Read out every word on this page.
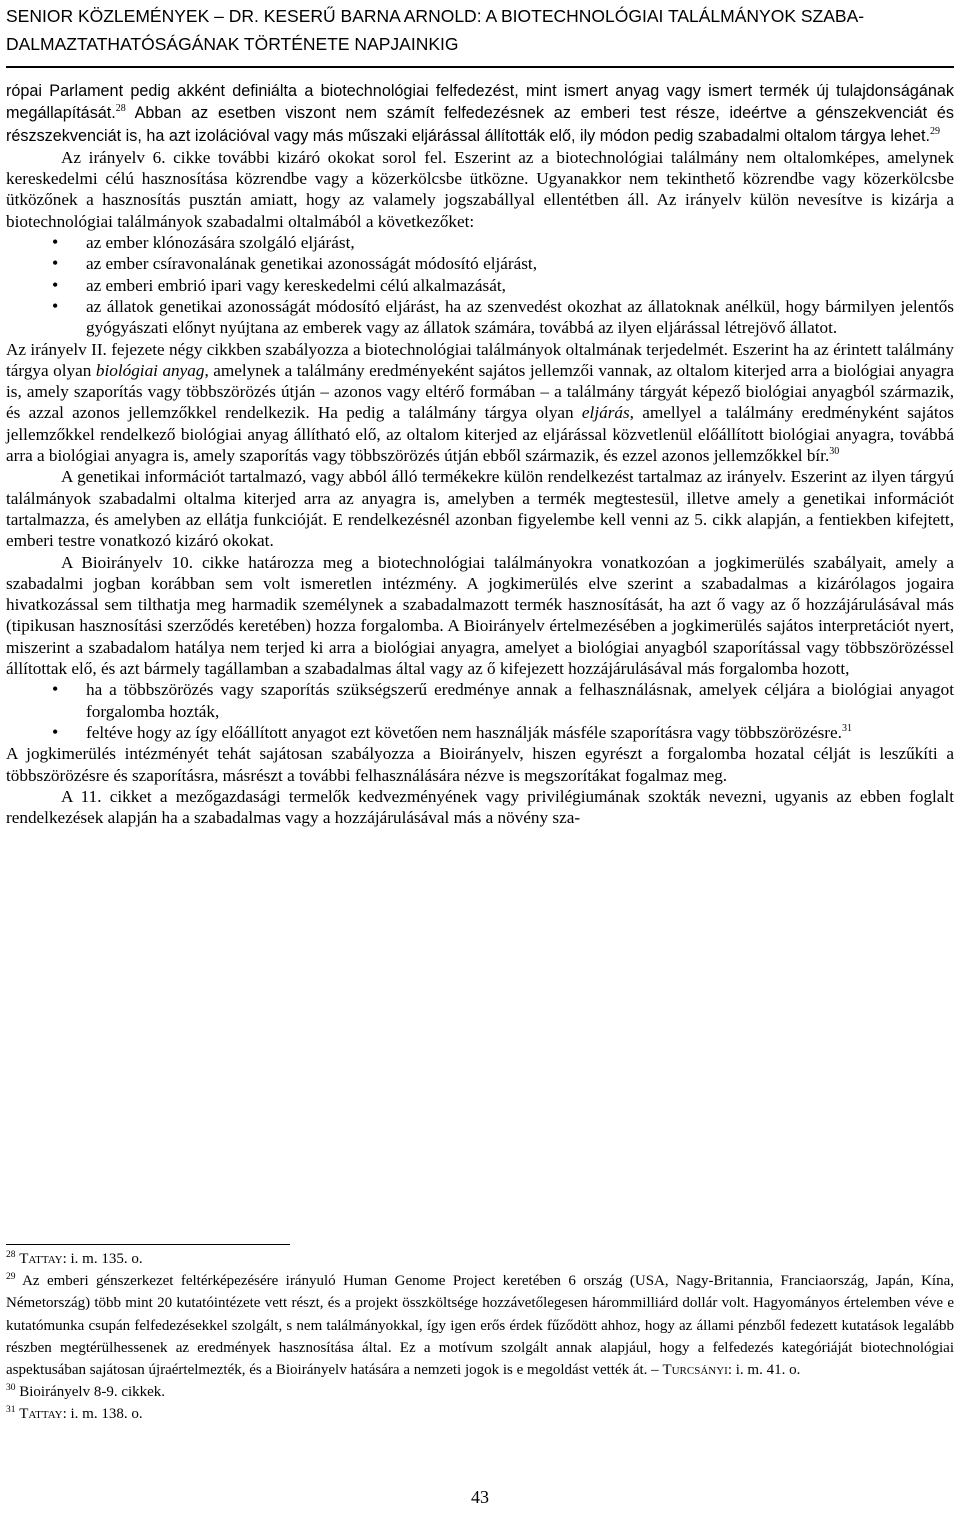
SENIOR KÖZLEMÉNYEK – DR. KESERŰ BARNA ARNOLD: A BIOTECHNOLÓGIAI TALÁLMÁNYOK SZABA-
DALMAZTATHATÓSÁGÁNAK TÖRTÉNETE NAPJAINKIG

rópai Parlament pedig akként definiálta a biotechnológiai felfedezést, mint ismert anyag vagy ismert termék új tulajdonságának megállapítását.$^{28}$ Abban az esetben viszont nem számít felfedezésnek az emberi test része, ideértve a génszekvenciát és részszekvenciát is, ha azt izolációval vagy más műszaki eljárással állították elő, ily módon pedig szabadalmi oltalom tárgya lehet.$^{29}$

Az irányelv 6. cikke további kizáró okokat sorol fel. Eszerint az a biotechnológiai találmány nem oltalomképes, amelynek kereskedelmi célú hasznosítása közrendbe vagy a közerkölcsbe ütközne. Ugyanakkor nem tekinthető közrendbe vagy közerkölcsbe ütközőnek a hasznosítás pusztán amiatt, hogy az valamely jogszabállyal ellentétben áll. Az irányelv külön nevesítve is kizárja a biotechnológiai találmányok szabadalmi oltalmából a következőket:

• az ember klónozására szolgáló eljárást,
• az ember csíravonalának genetikai azonosságát módosító eljárást,
• az emberi embrió ipari vagy kereskedelmi célú alkalmazását,
• az állatok genetikai azonosságát módosító eljárást, ha az szenvedést okozhat az állatoknak anélkül, hogy bármilyen jelentős gyógyászati előnyt nyújtana az emberek vagy az állatok számára, továbbá az ilyen eljárással létrejövő állatot.

Az irányelv II. fejezete négy cikkben szabályozza a biotechnológiai találmányok oltalmának terjedelmét. Eszerint ha az érintett találmány tárgya olyan biológiai anyag, amelynek a találmány eredményeként sajátos jellemzői vannak, az oltalom kiterjed arra a biológiai anyagra is, amely szaporítás vagy többszörözés útján – azonos vagy eltérő formában – a találmány tárgyát képező biológiai anyagból származik, és azzal azonos jellemzőkkel rendelkezik. Ha pedig a találmány tárgya olyan eljárás, amellyel a találmány eredményként sajátos jellemzőkkel rendelkező biológiai anyag állítható elő, az oltalom kiterjed az eljárással közvetlenül előállított biológiai anyagra, továbbá arra a biológiai anyagra is, amely szaporítás vagy többszörözés útján ebből származik, és ezzel azonos jellemzőkkel bír.$^{30}$

A genetikai információt tartalmazó, vagy abból álló termékekre külön rendelkezést tartalmaz az irányelv. Eszerint az ilyen tárgyú találmányok szabadalmi oltalma kiterjed arra az anyagra is, amelyben a termék megtestesül, illetve amely a genetikai információt tartalmazza, és amelyben az ellátja funkcióját. E rendelkezésnél azonban figyelembe kell venni az 5. cikk alapján, a fentiekben kifejtett, emberi testre vonatkozó kizáró okokat.

A Bioirányelv 10. cikke határozza meg a biotechnológiai találmányokra vonatkozóan a jogkimerülés szabályait, amely a szabadalmi jogban korábban sem volt ismeretlen intézmény. A jogkimerülés elve szerint a szabadalmas a kizárólagos jogaira hivatkozással sem tilthatja meg harmadik személynek a szabadalmazott termék hasznosítását, ha azt ő vagy az ő hozzájárulásával más (tipikusan hasznosítási szerződés keretében) hozza forgalomba. A Bioirányelv értelmezésében a jogkimerülés sajátos interpretációt nyert, miszerint a szabadalom hatálya nem terjed ki arra a biológiai anyagra, amelyet a biológiai anyagból szaporítással vagy többszörözéssel állítottak elő, és azt bármely tagállamban a szabadalmas által vagy az ő kifejezett hozzájárulásával más forgalomba hozott,

• ha a többszörözés vagy szaporítás szükségszerű eredménye annak a felhasználásnak, amelyek céljára a biológiai anyagot forgalomba hozták,
• feltéve hogy az így előállított anyagot ezt követően nem használják másféle szaporításra vagy többszörözésre.$^{31}$

A jogkimerülés intézményét tehát sajátosan szabályozza a Bioirányelv, hiszen egyrészt a forgalomba hozatal célját is leszűkíti a többszörözésre és szaporításra, másrészt a további felhasználására nézve is megszorítákat fogalmaz meg.

A 11. cikket a mezőgazdasági termelők kedvezményének vagy privilégiumának szokták nevezni, ugyanis az ebben foglalt rendelkezések alapján ha a szabadalmas vagy a hozzájárulásával más a növény sza-

$^{28}$ Tattay: i. m. 135. o.

$^{29}$ Az emberi génszerkezet feltérképezésére irányuló Human Genome Project keretében 6 ország (USA, Nagy-Britannia, Franciaország, Japán, Kína, Németország) több mint 20 kutatóintézete vett részt, és a projekt összköltsége hozzávetőlegesen hárommilliárd dollár volt. Hagyományos értelemben véve e kutatómunka csupán felfedezésekkel szolgált, s nem találmányokkal, így igen erős érdek fűződött ahhoz, hogy az állami pénzből fedezett kutatások legalább részben megtérülhessenek az eredmények hasznosítása által. Ez a motívum szolgált annak alapjául, hogy a felfedezés kategóriáját biotechnológiai aspektusában sajátosan újraértelmezték, és a Bioirányelv hatására a nemzeti jogok is e megoldást vették át. – Turcsányi: i. m. 41. o.

$^{30}$ Bioirányelv 8-9. cikkek.

$^{31}$ Tattay: i. m. 138. o.

43
